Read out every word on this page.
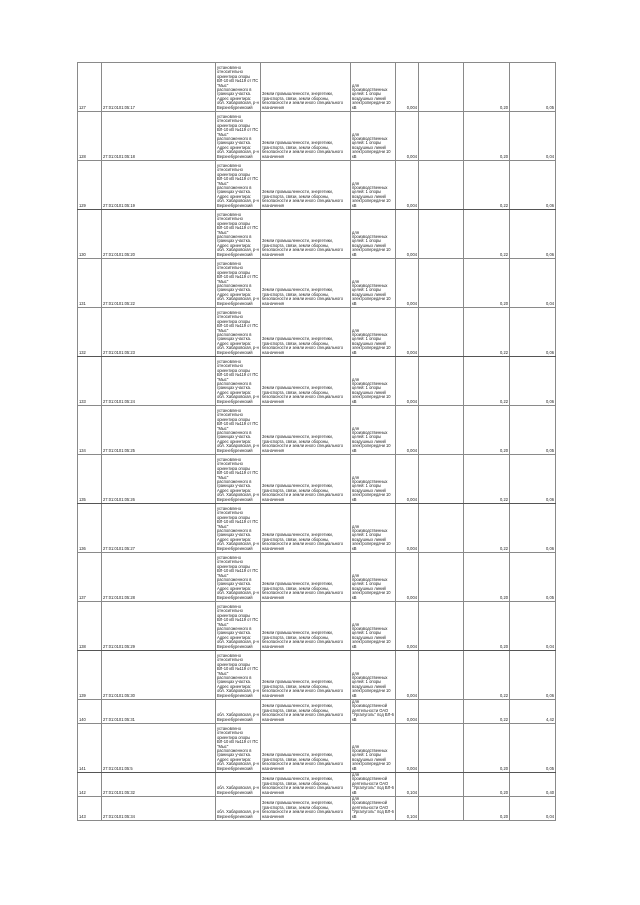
127	27:01:0101:05:17	установлено относительно ориентира опоры ВЛ-10 кВ №119 от ПС "Мыс" расположенного в границах участка. Адрес ориентира: обл. Хабаровская, р-н Верхнебуреинский	Земли промышленности, энергетики, транспорта, связи, земли обороны, безопасности и земли иного специального назначения	для производственных целей: 1 опоры воздушных линий электропередачи 10 кВ	0,004		0,20	0,05
128	27:01:0101:05:18	установлено относительно ориентира опоры ВЛ-10 кВ №119 от ПС "Мыс" расположенного в границах участка. Адрес ориентира: обл. Хабаровская, р-н Верхнебуреинский	Земли промышленности, энергетики, транспорта, связи, земли обороны, безопасности и земли иного специального назначения	для производственных целей: 1 опоры воздушных линий электропередачи 10 кВ	0,004		0,20	0,04
129	27:01:0101:05:19	установлено относительно ориентира опоры ВЛ-10 кВ №119 от ПС "Мыс" расположенного в границах участка. Адрес ориентира: обл. Хабаровская, р-н Верхнебуреинский	Земли промышленности, энергетики, транспорта, связи, земли обороны, безопасности и земли иного специального назначения	для производственных целей: 1 опоры воздушных линий электропередачи 10 кВ	0,004		0,22	0,06
130	27:01:0101:05:20	установлено относительно ориентира опоры ВЛ-10 кВ №119 от ПС "Мыс" расположенного в границах участка. Адрес ориентира: обл. Хабаровская, р-н Верхнебуреинский	Земли промышленности, энергетики, транспорта, связи, земли обороны, безопасности и земли иного специального назначения	для производственных целей: 1 опоры воздушных линий электропередачи 10 кВ	0,004		0,22	0,06
131	27:01:0101:05:22	установлено относительно ориентира опоры ВЛ-10 кВ №119 от ПС "Мыс" расположенного в границах участка. Адрес ориентира: обл. Хабаровская, р-н Верхнебуреинский	Земли промышленности, энергетики, транспорта, связи, земли обороны, безопасности и земли иного специального назначения	для производственных целей: 1 опоры воздушных линий электропередачи 10 кВ	0,004		0,20	0,04
132	27:01:0101:05:23	установлено относительно ориентира опоры ВЛ-10 кВ №119 от ПС "Мыс" расположенного в границах участка. Адрес ориентира: обл. Хабаровская, р-н Верхнебуреинский	Земли промышленности, энергетики, транспорта, связи, земли обороны, безопасности и земли иного специального назначения	для производственных целей: 1 опоры воздушных линий электропередачи 10 кВ	0,004		0,22	0,06
133	27:01:0101:05:24	установлено относительно ориентира опоры ВЛ-10 кВ №119 от ПС "Мыс" расположенного в границах участка. Адрес ориентира: обл. Хабаровская, р-н Верхнебуреинский	Земли промышленности, энергетики, транспорта, связи, земли обороны, безопасности и земли иного специального назначения	для производственных целей: 1 опоры воздушных линий электропередачи 10 кВ	0,004		0,22	0,06
134	27:01:0101:05:25	установлено относительно ориентира опоры ВЛ-10 кВ №119 от ПС "Мыс" расположенного в границах участка. Адрес ориентира: обл. Хабаровская, р-н Верхнебуреинский	Земли промышленности, энергетики, транспорта, связи, земли обороны, безопасности и земли иного специального назначения	для производственных целей: 1 опоры воздушных линий электропередачи 10 кВ	0,004		0,20	0,05
135	27:01:0101:05:26	установлено относительно ориентира опоры ВЛ-10 кВ №119 от ПС "Мыс" расположенного в границах участка. Адрес ориентира: обл. Хабаровская, р-н Верхнебуреинский	Земли промышленности, энергетики, транспорта, связи, земли обороны, безопасности и земли иного специального назначения	для производственных целей: 1 опоры воздушных линий электропередачи 10 кВ	0,004		0,22	0,06
136	27:01:0101:05:27	установлено относительно ориентира опоры ВЛ-10 кВ №119 от ПС "Мыс" расположенного в границах участка. Адрес ориентира: обл. Хабаровская, р-н Верхнебуреинский	Земли промышленности, энергетики, транспорта, связи, земли обороны, безопасности и земли иного специального назначения	для производственных целей: 1 опоры воздушных линий электропередачи 10 кВ	0,004		0,22	0,06
137	27:01:0101:05:28	установлено относительно ориентира опоры ВЛ-10 кВ №119 от ПС "Мыс" расположенного в границах участка. Адрес ориентира: обл. Хабаровская, р-н Верхнебуреинский	Земли промышленности, энергетики, транспорта, связи, земли обороны, безопасности и земли иного специального назначения	для производственных целей: 1 опоры воздушных линий электропередачи 10 кВ	0,004		0,20	0,05
138	27:01:0101:05:29	установлено относительно ориентира опоры ВЛ-10 кВ №119 от ПС "Мыс" расположенного в границах участка. Адрес ориентира: обл. Хабаровская, р-н Верхнебуреинский	Земли промышленности, энергетики, транспорта, связи, земли обороны, безопасности и земли иного специального назначения	для производственных целей: 1 опоры воздушных линий электропередачи 10 кВ	0,004		0,20	0,04
139	27:01:0101:05:30	установлено относительно ориентира опоры ВЛ-10 кВ №119 от ПС "Мыс" расположенного в границах участка. Адрес ориентира: обл. Хабаровская, р-н Верхнебуреинский	Земли промышленности, энергетики, транспорта, связи, земли обороны, безопасности и земли иного специального назначения	для производственных целей: 1 опоры воздушных линий электропередачи 10 кВ	0,004		0,22	0,06
140	27:01:0101:05:31	обл. Хабаровская, р-н Верхнебуреинский	Земли промышленности, энергетики, транспорта, связи, земли обороны, безопасности и земли иного специального назначения	для производственной деятельности ОАО "Ургалуголь" под ВЛ-6 кВ	0,004		0,22	4,42
141	27:01:0101:05:5	установлено относительно ориентира опоры ВЛ-10 кВ №119 от ПС "Мыс" расположенного в границах участка. Адрес ориентира: обл. Хабаровская, р-н Верхнебуреинский	Земли промышленности, энергетики, транспорта, связи, земли обороны, безопасности и земли иного специального назначения	для производственных целей: 1 опоры воздушных линий электропередачи 10 кВ	0,004		0,20	0,05
142	27:01:0101:05:32	обл. Хабаровская, р-н Верхнебуреинский	Земли промышленности, энергетики, транспорта, связи, земли обороны, безопасности и земли иного специального назначения	для производственной деятельности ОАО "Ургалуголь" под ВЛ-6 кВ	0,104		0,20	0,40
143	27:01:0101:05:34	обл. Хабаровская, р-н Верхнебуреинский	Земли промышленности, энергетики, транспорта, связи, земли обороны, безопасности и земли иного специального назначения	для производственной деятельности ОАО "Ургалуголь" под ВЛ-6 кВ	0,104		0,20	0,04
